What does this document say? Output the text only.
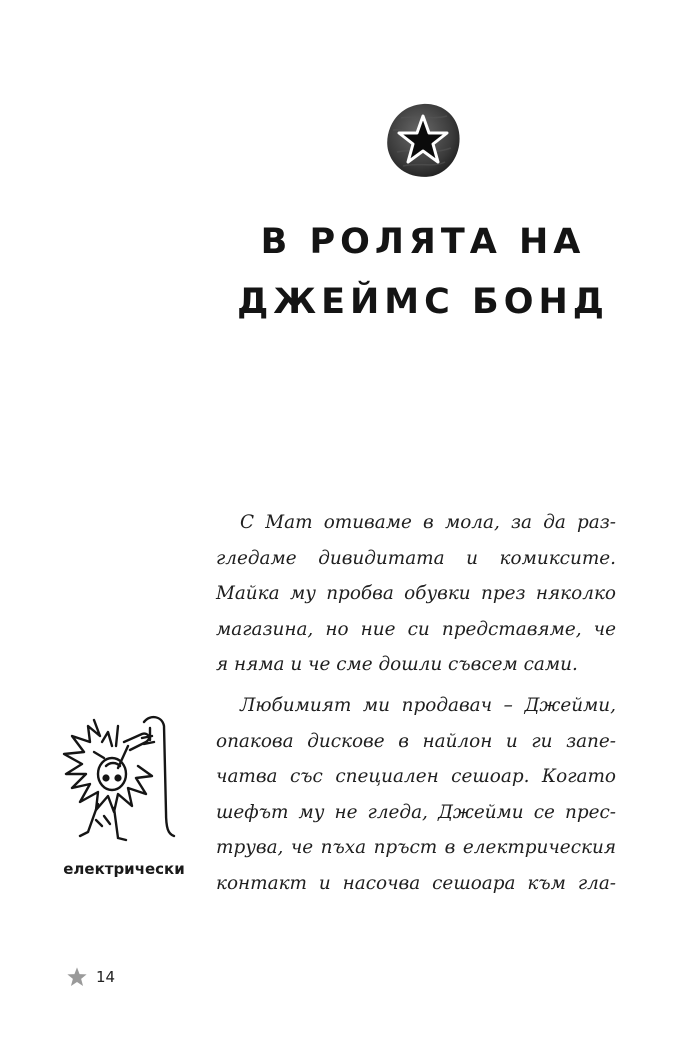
В РОЛЯТА НА
ДЖЕЙМС БОНД
С Мат отиваме в мола, за да раз-
гледаме дивидитата и комиксите.
Майка му пробва обувки през няколко
магазина, но ние си представяме, че
я няма и че сме дошли съвсем сами.
Любимият ми продавач – Джейми,
опакова дискове в найлон и ги запе-
чатва със специален сешоар. Когато
шефът му не гледа, Джейми се прес-
трува, че пъха пръст в електрическия
контакт и насочва сешоара към гла-
електрически
14
